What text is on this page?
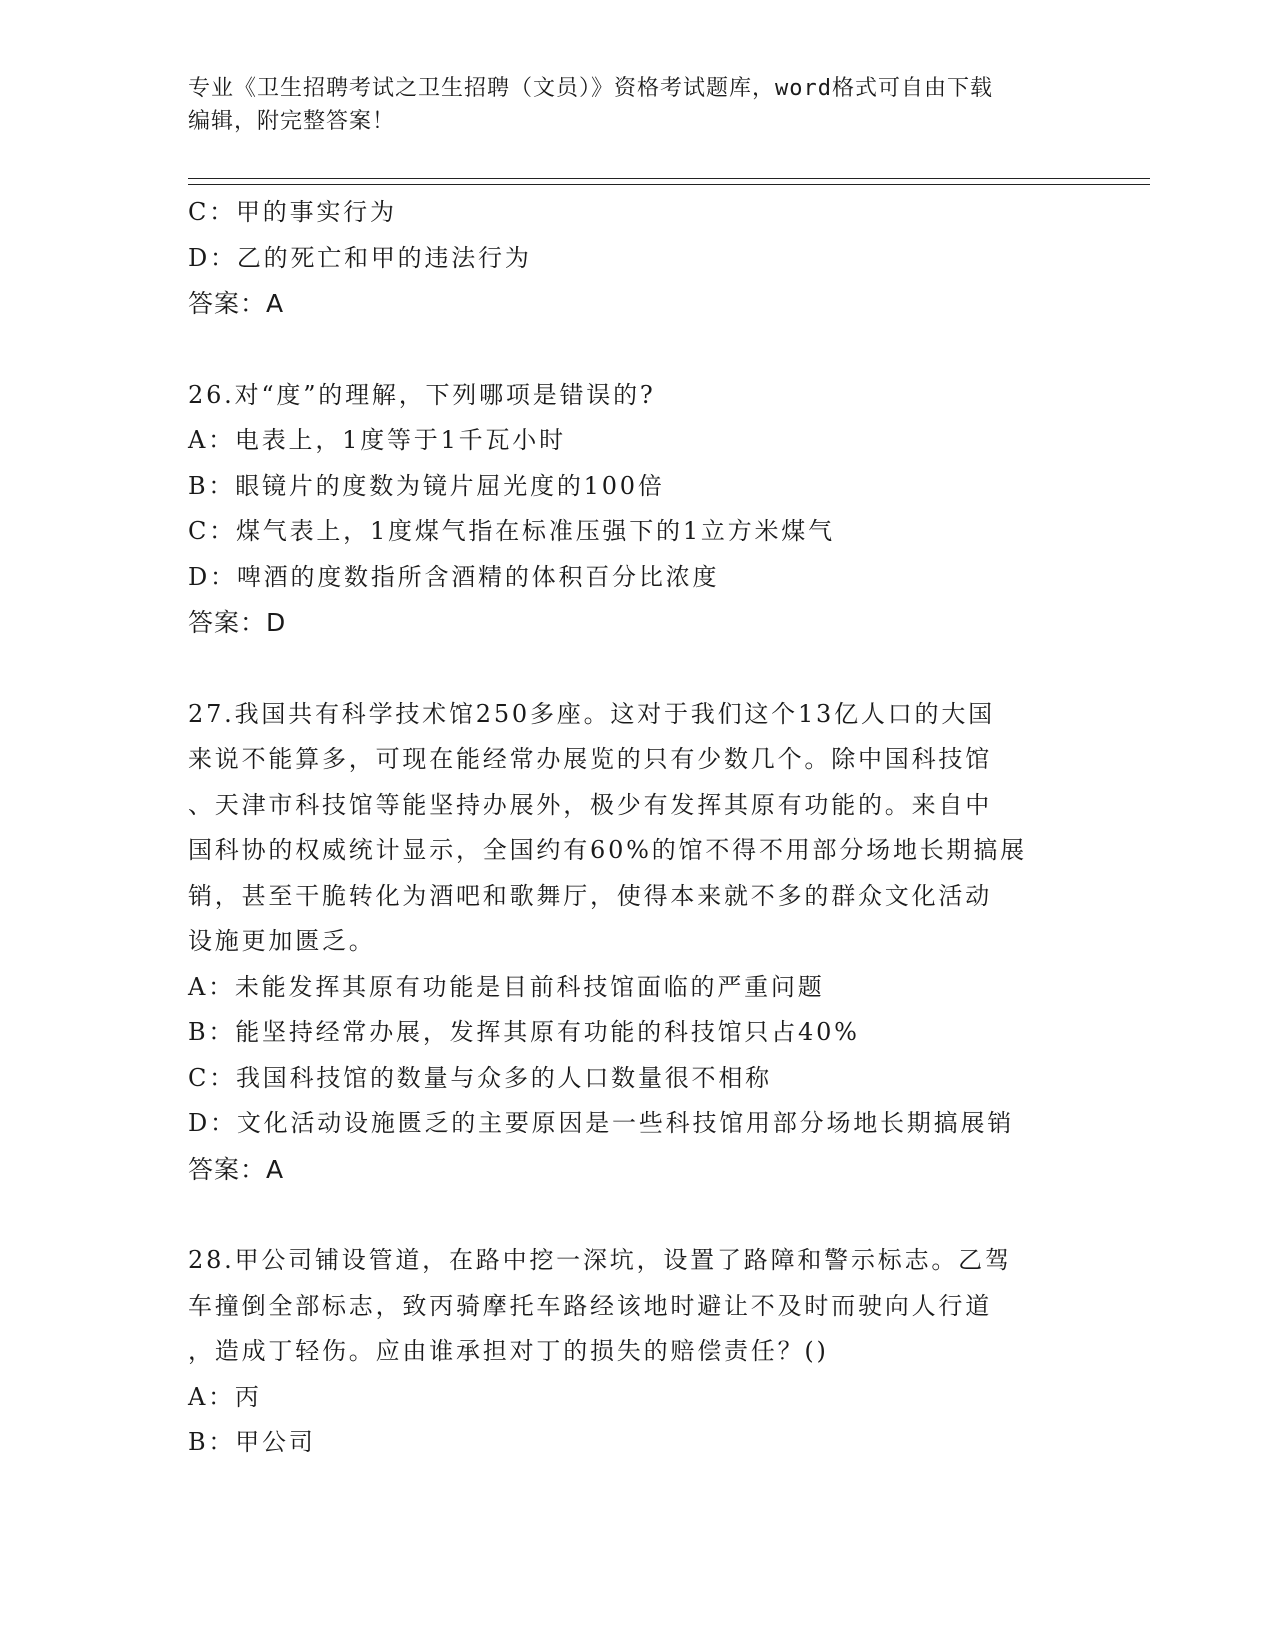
专业《卫生招聘考试之卫生招聘（文员）》资格考试题库，word格式可自由下载
编辑，附完整答案！
C：甲的事实行为
D：乙的死亡和甲的违法行为
答案：A
26.对“度”的理解，下列哪项是错误的?
A：电表上，1度等于1千瓦小时
B：眼镜片的度数为镜片屈光度的100倍
C：煤气表上，1度煤气指在标准压强下的1立方米煤气
D：啤酒的度数指所含酒精的体积百分比浓度
答案：D
27.我国共有科学技术馆250多座。这对于我们这个13亿人口的大国
来说不能算多，可现在能经常办展览的只有少数几个。除中国科技馆
、天津市科技馆等能坚持办展外，极少有发挥其原有功能的。来自中
国科协的权威统计显示，全国约有60%的馆不得不用部分场地长期搞展
销，甚至干脆转化为酒吧和歌舞厅，使得本来就不多的群众文化活动
设施更加匮乏。
A：未能发挥其原有功能是目前科技馆面临的严重问题
B：能坚持经常办展，发挥其原有功能的科技馆只占40%
C：我国科技馆的数量与众多的人口数量很不相称
D：文化活动设施匮乏的主要原因是一些科技馆用部分场地长期搞展销
答案：A
28.甲公司铺设管道，在路中挖一深坑，设置了路障和警示标志。乙驾
车撞倒全部标志，致丙骑摩托车路经该地时避让不及时而驶向人行道
，造成丁轻伤。应由谁承担对丁的损失的赔偿责任？()
A：丙
B：甲公司
